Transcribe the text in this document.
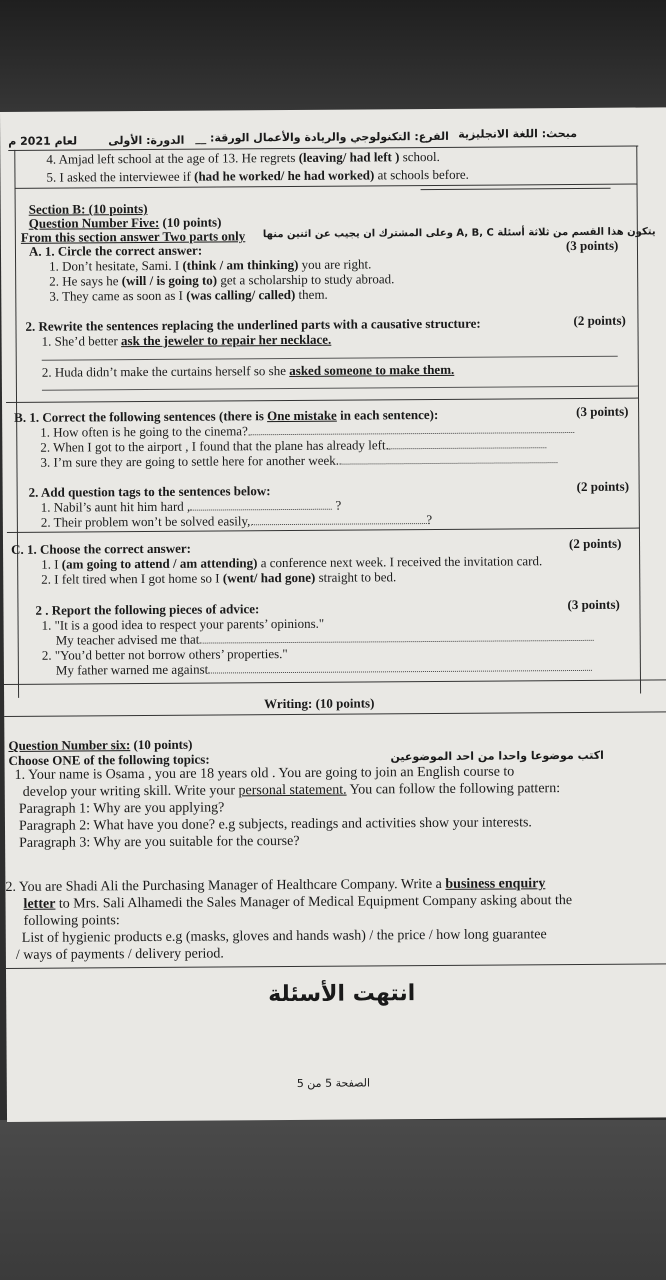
لعام 2021 م	الدورة: الأولى الفرع: التكنولوجي والريادة والأعمال الورقة: __ مبحث: اللغة الانجليزية
4. Amjad left school at the age of 13. He regrets (leaving/ had left ) school.
5. I asked the interviewee if (had he worked/ he had worked) at schools before.
Section B: (10 points)
Question Number Five: (10 points)
From this section answer Two parts only يتكون هذا القسم من ثلاثة أسئلة A, B, C وعلى المشترك ان يجيب عن اثنين منها
A. 1. Circle the correct answer:	(3 points)
1. Don’t hesitate, Sami. I (think / am thinking) you are right.
2. He says he (will / is going to) get a scholarship to study abroad.
3. They came as soon as I (was calling/ called) them.
2. Rewrite the sentences replacing the underlined parts with a causative structure:	(2 points)
1. She’d better ask the jeweler to repair her necklace.
2. Huda didn’t make the curtains herself so she asked someone to make them.
B. 1. Correct the following sentences (there is One mistake in each sentence):	(3 points)
1. How often is he going to the cinema?
2. When I got to the airport , I found that the plane has already left.
3. I’m sure they are going to settle here for another week.
2. Add question tags to the sentences below:	(2 points)
1. Nabil’s aunt hit him hard ,	?
2. Their problem won’t be solved easily,	?
C. 1. Choose the correct answer:	(2 points)
1. I (am going to attend / am attending) a conference next week. I received the invitation card.
2. I felt tired when I got home so I (went/ had gone) straight to bed.
2 . Report the following pieces of advice:	(3 points)
1. "It is a good idea to respect your parents’ opinions."
My teacher advised me that
2. "You’d better not borrow others’ properties."
My father warned me against
Writing: (10 points)
Question Number six: (10 points)
Choose ONE of the following topics:	اكتب موضوعا واحدا من احد الموضوعين
1. Your name is Osama , you are 18 years old . You are going to join an English course to
develop your writing skill. Write your personal statement. You can follow the following pattern:
Paragraph 1: Why are you applying?
Paragraph 2: What have you done? e.g subjects, readings and activities show your interests.
Paragraph 3: Why are you suitable for the course?
2. You are Shadi Ali the Purchasing Manager of Healthcare Company. Write a business enquiry
letter to Mrs. Sali Alhamedi the Sales Manager of Medical Equipment Company asking about the
following points:
List of hygienic products e.g (masks, gloves and hands wash) / the price / how long guarantee
/ ways of payments / delivery period.
انتهت الأسئلة
الصفحة 5 من 5
